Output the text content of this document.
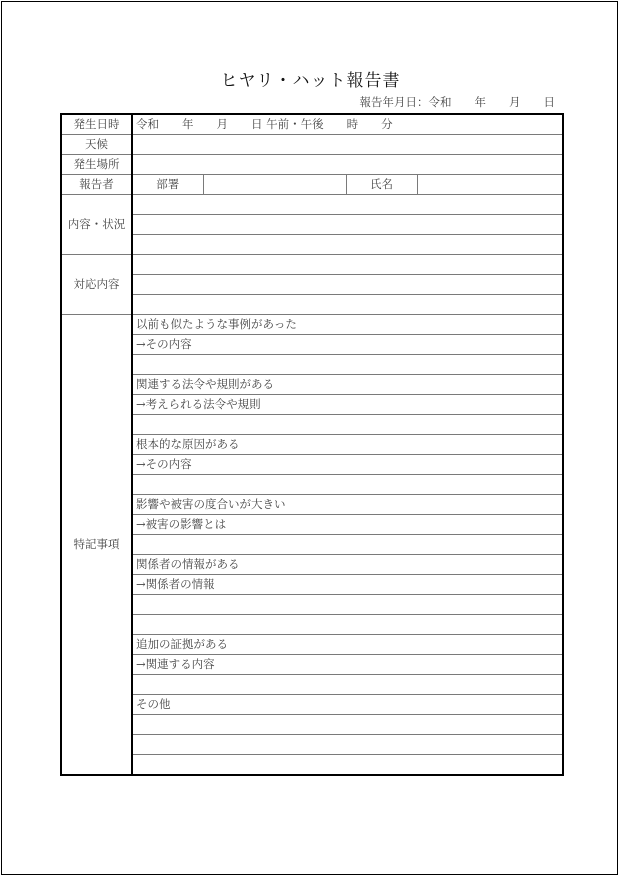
ヒヤリ・ハット報告書
報告年月日：令和　　年　　月　　日
発生日時	令和　　年　　月　　日 午前・午後　　時　　分			
天候				
発生場所				
報告者	部署		氏名	
内容・状況				

対応内容				

特記事項	以前も似たような事例があった			
	→その内容			

	関連する法令や規則がある			
	→考えられる法令や規則			

	根本的な原因がある			
	→その内容			

	影響や被害の度合いが大きい			
	→被害の影響とは			

	関係者の情報がある			
	→関係者の情報			

	追加の証拠がある			
	→関連する内容			

	その他			
